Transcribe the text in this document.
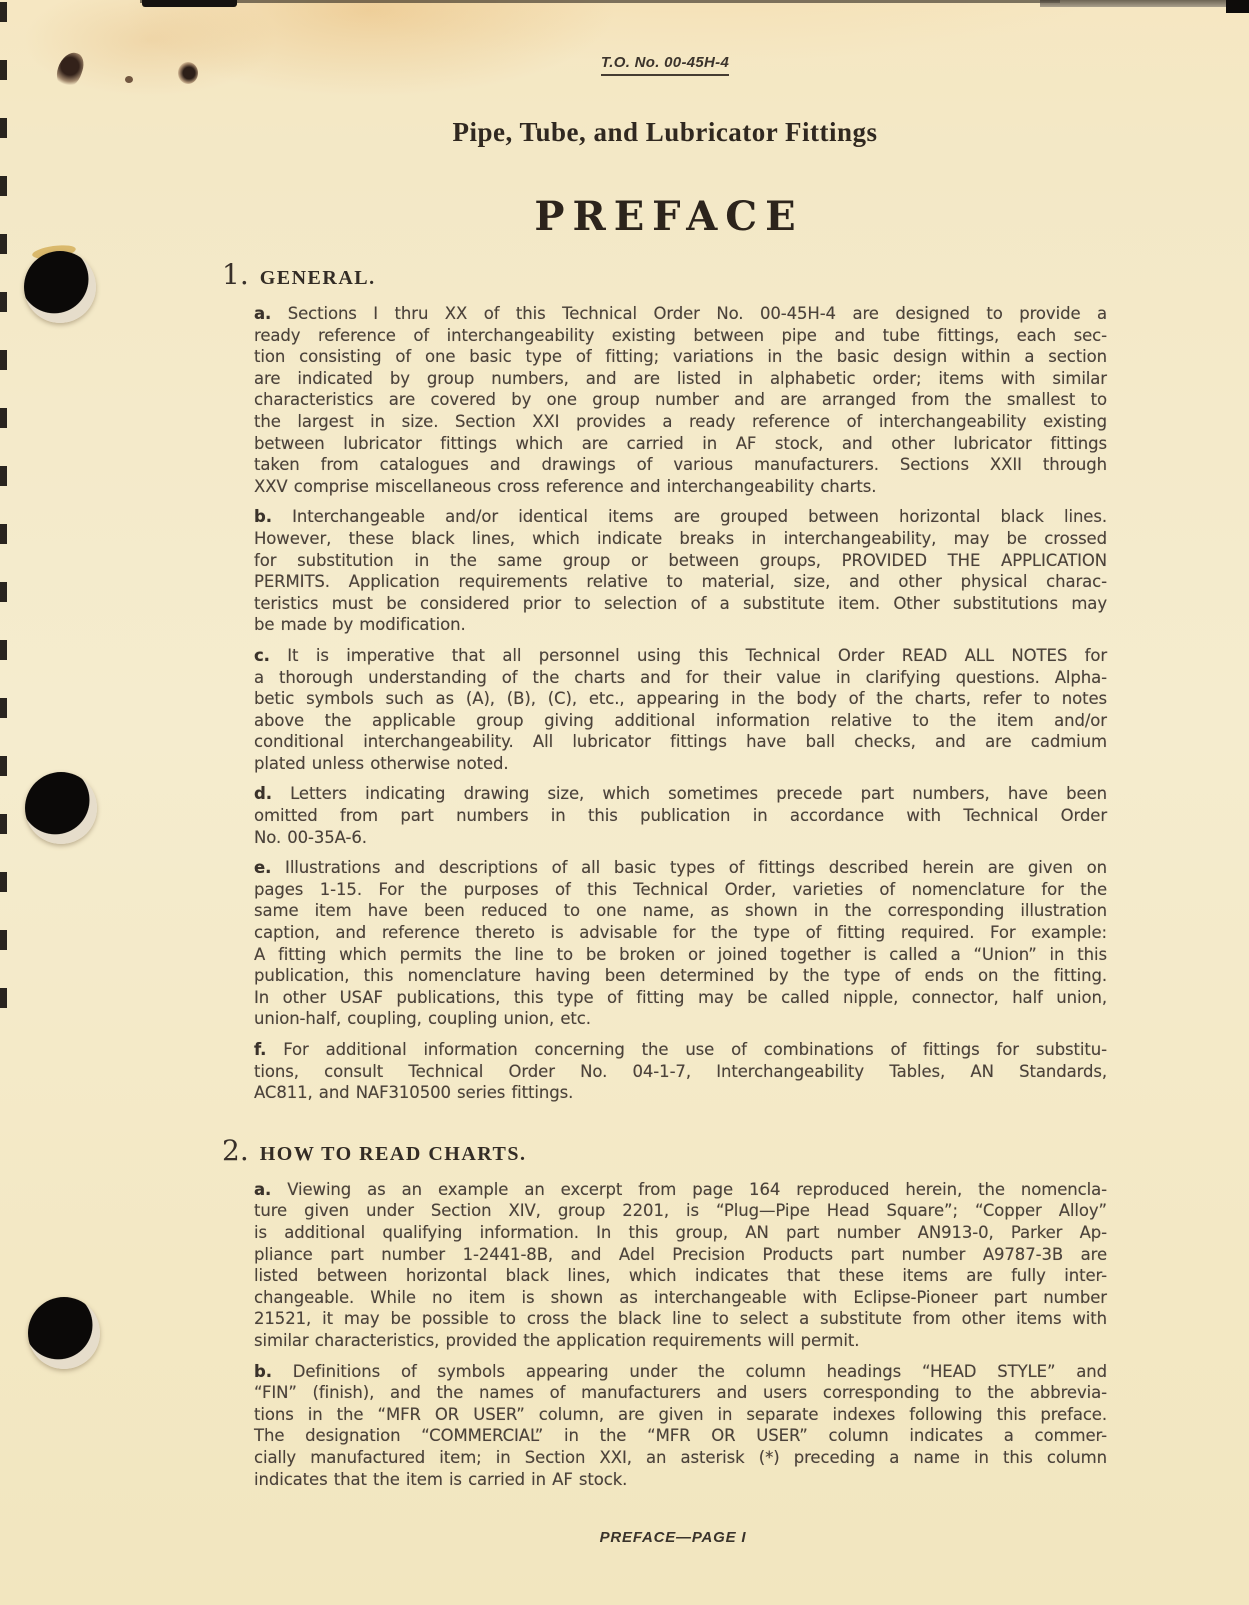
T.O. No. 00-45H-4
Pipe, Tube, and Lubricator Fittings
PREFACE
1. GENERAL.
a. Sections I thru XX of this Technical Order No. 00-45H-4 are designed to provide a
ready reference of interchangeability existing between pipe and tube fittings, each sec-
tion consisting of one basic type of fitting; variations in the basic design within a section
are indicated by group numbers, and are listed in alphabetic order; items with similar
characteristics are covered by one group number and are arranged from the smallest to
the largest in size. Section XXI provides a ready reference of interchangeability existing
between lubricator fittings which are carried in AF stock, and other lubricator fittings
taken from catalogues and drawings of various manufacturers. Sections XXII through
XXV comprise miscellaneous cross reference and interchangeability charts.
b. Interchangeable and/or identical items are grouped between horizontal black lines.
However, these black lines, which indicate breaks in interchangeability, may be crossed
for substitution in the same group or between groups, PROVIDED THE APPLICATION
PERMITS. Application requirements relative to material, size, and other physical charac-
teristics must be considered prior to selection of a substitute item. Other substitutions may
be made by modification.
c. It is imperative that all personnel using this Technical Order READ ALL NOTES for
a thorough understanding of the charts and for their value in clarifying questions. Alpha-
betic symbols such as (A), (B), (C), etc., appearing in the body of the charts, refer to notes
above the applicable group giving additional information relative to the item and/or
conditional interchangeability. All lubricator fittings have ball checks, and are cadmium
plated unless otherwise noted.
d. Letters indicating drawing size, which sometimes precede part numbers, have been
omitted from part numbers in this publication in accordance with Technical Order
No. 00-35A-6.
e. Illustrations and descriptions of all basic types of fittings described herein are given on
pages 1-15. For the purposes of this Technical Order, varieties of nomenclature for the
same item have been reduced to one name, as shown in the corresponding illustration
caption, and reference thereto is advisable for the type of fitting required. For example:
A fitting which permits the line to be broken or joined together is called a “Union” in this
publication, this nomenclature having been determined by the type of ends on the fitting.
In other USAF publications, this type of fitting may be called nipple, connector, half union,
union-half, coupling, coupling union, etc.
f. For additional information concerning the use of combinations of fittings for substitu-
tions, consult Technical Order No. 04-1-7, Interchangeability Tables, AN Standards,
AC811, and NAF310500 series fittings.
2. HOW TO READ CHARTS.
a. Viewing as an example an excerpt from page 164 reproduced herein, the nomencla-
ture given under Section XIV, group 2201, is “Plug—Pipe Head Square”; “Copper Alloy”
is additional qualifying information. In this group, AN part number AN913-0, Parker Ap-
pliance part number 1-2441-8B, and Adel Precision Products part number A9787-3B are
listed between horizontal black lines, which indicates that these items are fully inter-
changeable. While no item is shown as interchangeable with Eclipse-Pioneer part number
21521, it may be possible to cross the black line to select a substitute from other items with
similar characteristics, provided the application requirements will permit.
b. Definitions of symbols appearing under the column headings “HEAD STYLE” and
“FIN” (finish), and the names of manufacturers and users corresponding to the abbrevia-
tions in the “MFR OR USER” column, are given in separate indexes following this preface.
The designation “COMMERCIAL” in the “MFR OR USER” column indicates a commer-
cially manufactured item; in Section XXI, an asterisk (*) preceding a name in this column
indicates that the item is carried in AF stock.
PREFACE—PAGE I
